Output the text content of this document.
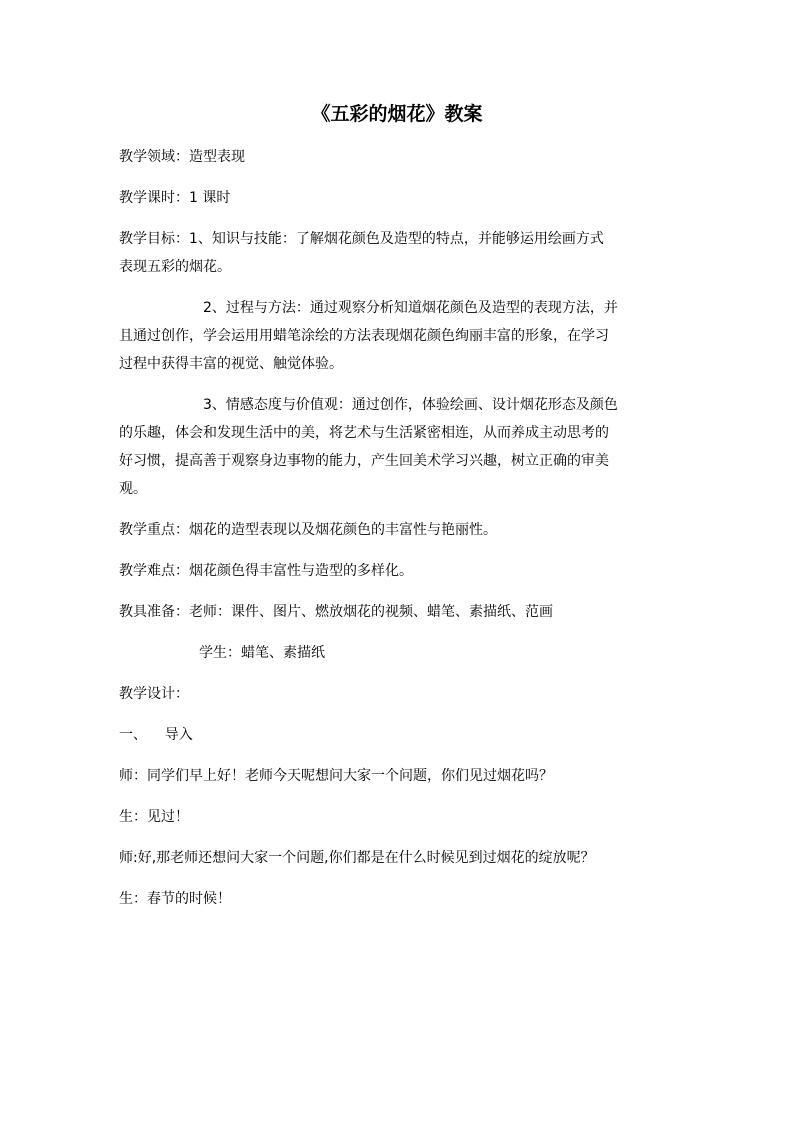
《五彩的烟花》教案
教学领域：造型表现
教学课时：1 课时
教学目标：1、知识与技能：了解烟花颜色及造型的特点，并能够运用绘画方式
表现五彩的烟花。
2、过程与方法：通过观察分析知道烟花颜色及造型的表现方法，并
且通过创作，学会运用用蜡笔涂绘的方法表现烟花颜色绚丽丰富的形象，在学习
过程中获得丰富的视觉、触觉体验。
3、情感态度与价值观：通过创作，体验绘画、设计烟花形态及颜色
的乐趣，体会和发现生活中的美，将艺术与生活紧密相连，从而养成主动思考的
好习惯，提高善于观察身边事物的能力，产生回美术学习兴趣，树立正确的审美
观。
教学重点：烟花的造型表现以及烟花颜色的丰富性与艳丽性。
教学难点：烟花颜色得丰富性与造型的多样化。
教具准备：老师：课件、图片、燃放烟花的视频、蜡笔、素描纸、范画
学生：蜡笔、素描纸
教学设计：
一、    导入
师：同学们早上好！老师今天呢想问大家一个问题，你们见过烟花吗？
生：见过！
师:好,那老师还想问大家一个问题,你们都是在什么时候见到过烟花的绽放呢？
生：春节的时候！
